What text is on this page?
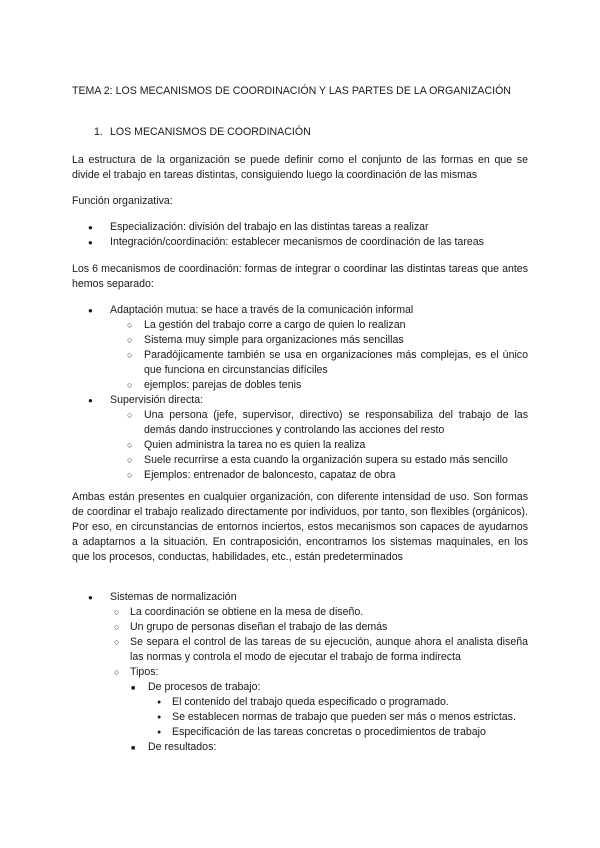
TEMA 2: LOS MECANISMOS DE COORDINACIÓN Y LAS PARTES DE LA ORGANIZACIÓN
1. LOS MECANISMOS DE COORDINACIÓN

La estructura de la organización se puede definir como el conjunto de las formas en que se divide el trabajo en tareas distintas, consiguiendo luego la coordinación de las mismas

Función organizativa:

● Especialización: división del trabajo en las distintas tareas a realizar
● Integración/coordinación: establecer mecanismos de coordinación de las tareas

Los 6 mecanismos de coordinación: formas de integrar o coordinar las distintas tareas que antes hemos separado:

● Adaptación mutua: se hace a través de la comunicación informal
○ La gestión del trabajo corre a cargo de quien lo realizan
○ Sistema muy simple para organizaciones más sencillas
○ Paradójicamente también se usa en organizaciones más complejas, es el único que funciona en circunstancias difíciles
○ ejemplos: parejas de dobles tenis
● Supervisión directa:
○ Una persona (jefe, supervisor, directivo) se responsabiliza del trabajo de las demás dando instrucciones y controlando las acciones del resto
○ Quien administra la tarea no es quien la realiza
○ Suele recurrirse a esta cuando la organización supera su estado más sencillo
○ Ejemplos: entrenador de baloncesto, capataz de obra

Ambas están presentes en cualquier organización, con diferente intensidad de uso. Son formas de coordinar el trabajo realizado directamente por individuos, por tanto, son flexibles (orgánicos). Por eso, en circunstancias de entornos inciertos, estos mecanismos son capaces de ayudarnos a adaptarnos a la situación. En contraposición, encontramos los sistemas maquinales, en los que los procesos, conductas, habilidades, etc., están predeterminados

● Sistemas de normalización
○ La coordinación se obtiene en la mesa de diseño.
○ Un grupo de personas diseñan el trabajo de las demás
○ Se separa el control de las tareas de su ejecución, aunque ahora el analista diseña las normas y controla el modo de ejecutar el trabajo de forma indirecta
○ Tipos:
■ De procesos de trabajo:
● El contenido del trabajo queda especificado o programado.
● Se establecen normas de trabajo que pueden ser más o menos estrictas.
● Especificación de las tareas concretas o procedimientos de trabajo
■ De resultados:
